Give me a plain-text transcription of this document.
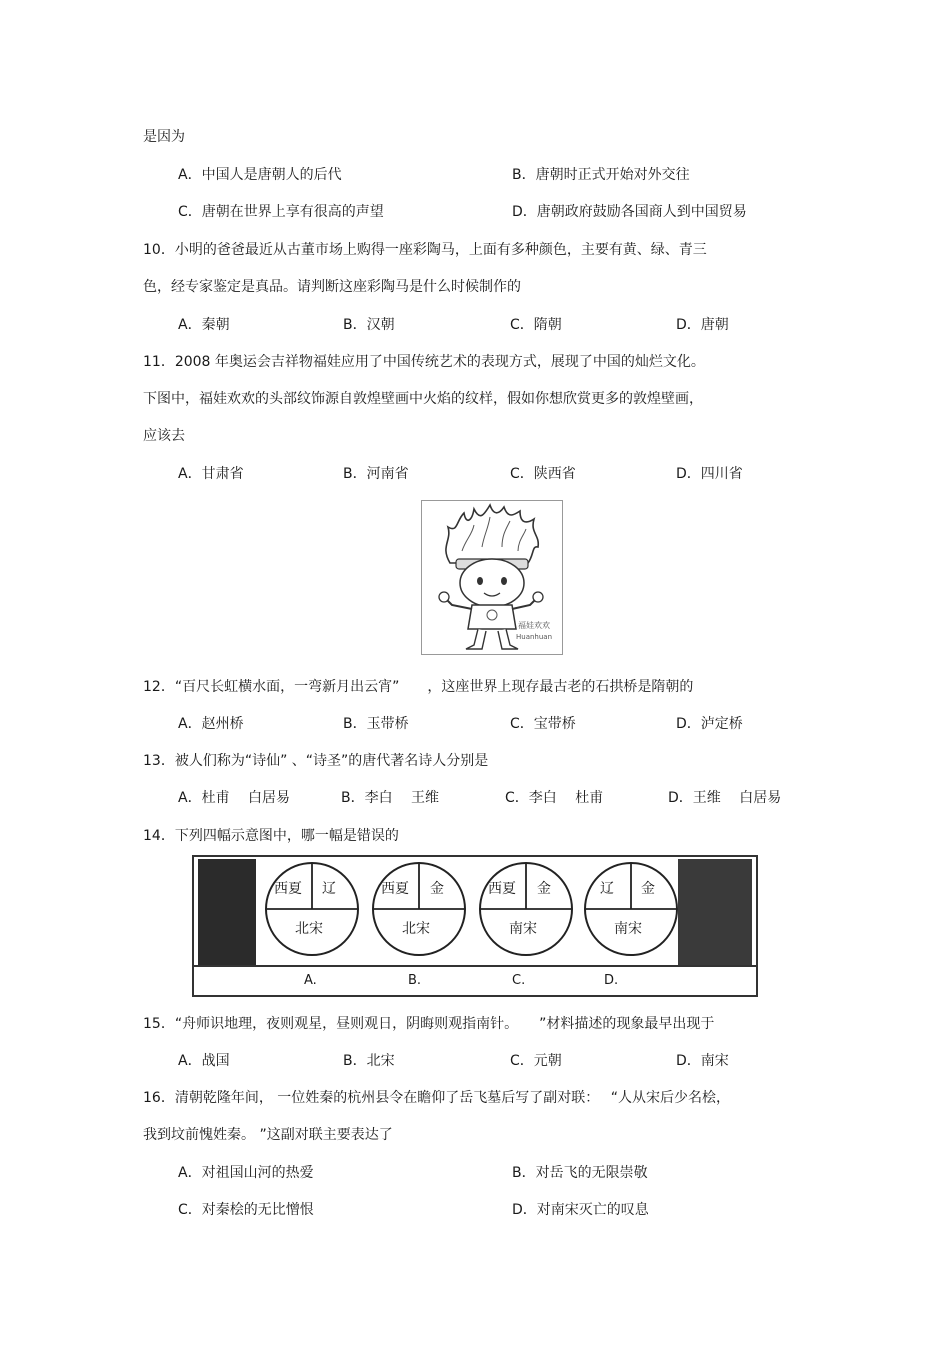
是因为
A．中国人是唐朝人的后代	B．唐朝时正式开始对外交往
C．唐朝在世界上享有很高的声望	D．唐朝政府鼓励各国商人到中国贸易
10．小明的爸爸最近从古董市场上购得一座彩陶马，上面有多种颜色，主要有黄、绿、青三
色，经专家鉴定是真品。请判断这座彩陶马是什么时候制作的
A．秦朝	B．汉朝	C．隋朝	D．唐朝
11．2008 年奥运会吉祥物福娃应用了中国传统艺术的表现方式，展现了中国的灿烂文化。
下图中，福娃欢欢的头部纹饰源自敦煌壁画中火焰的纹样，假如你想欣赏更多的敦煌壁画，
应该去
A．甘肃省	B．河南省	C．陕西省	D．四川省
福娃欢欢
Huanhuan
12．“百尺长虹横水面，一弯新月出云宵”　　，这座世界上现存最古老的石拱桥是隋朝的
A．赵州桥	B．玉带桥	C．宝带桥	D．泸定桥
13．被人们称为“诗仙” 、“诗圣”的唐代著名诗人分别是
A．杜甫　 白居易	B．李白　 王维	C．李白　 杜甫	D．王维　 白居易
14．下列四幅示意图中，哪一幅是错误的
西夏 辽
北宋
A.
西夏 金
北宋
B.
西夏 金
南宋
C.
辽 金
南宋
D.
15．“舟师识地理，夜则观星，昼则观日，阴晦则观指南针。　　”材料描述的现象最早出现于
A．战国	B．北宋	C．元朝	D．南宋
16．清朝乾隆年间， 一位姓秦的杭州县令在瞻仰了岳飞墓后写了副对联：　 “人从宋后少名桧，
我到坟前愧姓秦。 ”这副对联主要表达了
A．对祖国山河的热爱	B．对岳飞的无限崇敬
C．对秦桧的无比憎恨	D．对南宋灭亡的叹息
